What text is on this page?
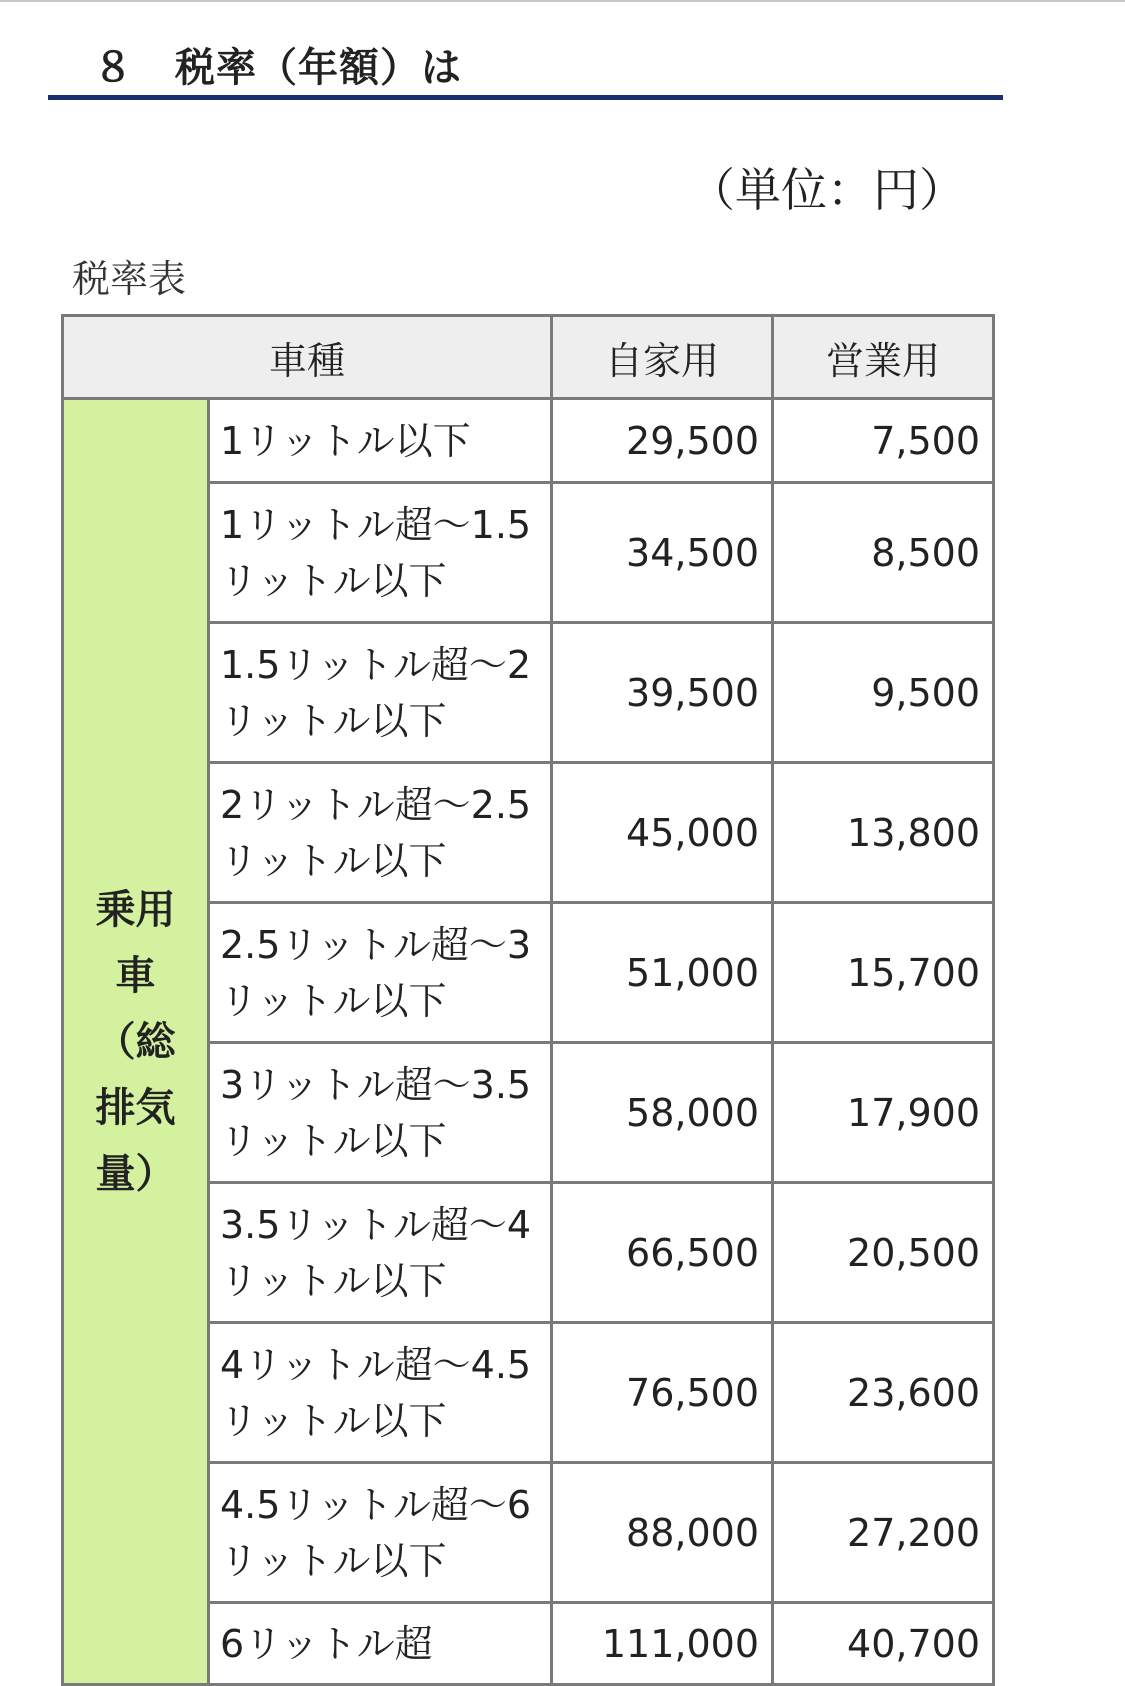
８　 税率（年額）は
（単位：円）
税率表
車種		自家用	営業用

乗用
車
（総
排気
量）	1リットル以下	29,500	7,500
	1リットル超～1.5リットル以下	34,500	8,500
	1.5リットル超～2リットル以下	39,500	9,500
	2リットル超～2.5リットル以下	45,000	13,800
	2.5リットル超～3リットル以下	51,000	15,700
	3リットル超～3.5リットル以下	58,000	17,900
	3.5リットル超～4リットル以下	66,500	20,500
	4リットル超～4.5リットル以下	76,500	23,600
	4.5リットル超～6リットル以下	88,000	27,200
	6リットル超	111,000	40,700
